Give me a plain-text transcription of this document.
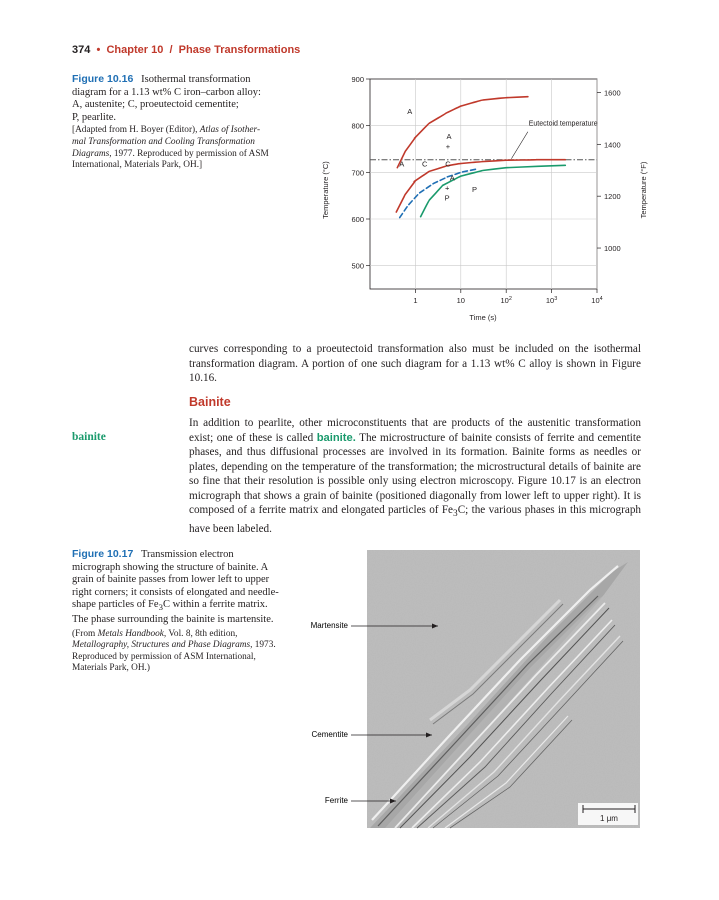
374 • Chapter 10 / Phase Transformations
Figure 10.16 Isothermal transformation
diagram for a 1.13 wt% C iron–carbon alloy:
A, austenite; C, proeutectoid cementite;
P, pearlite.
[Adapted from H. Boyer (Editor), Atlas of Isother-
mal Transformation and Cooling Transformation
Diagrams, 1977. Reproduced by permission of ASM
International, Materials Park, OH.]
1	10	$10^2$	$10^3$	$10^4$
500
600
700
800
900
1000
1200
1400
1600
Eutectoid temperature
A
A
+
C
A C
A
+
P
P
Time (s)
Temperature (°C)	Temperature (°F)

curves corresponding to a proeutectoid transformation also must be included on the isothermal transformation diagram. A portion of one such diagram for a 1.13 wt% C alloy is shown in Figure 10.16.

Bainite
bainite

In addition to pearlite, other microconstituents that are products of the austenitic transformation exist; one of these is called bainite. The microstructure of bainite consists of ferrite and cementite phases, and thus diffusional processes are involved in its formation. Bainite forms as needles or plates, depending on the temperature of the transformation; the microstructural details of bainite are so fine that their resolution is possible only using electron microscopy. Figure 10.17 is an electron micrograph that shows a grain of bainite (positioned diagonally from lower left to upper right). It is composed of a ferrite matrix and elongated particles of $Fe_3C$; the various phases in this micrograph have been labeled.

Figure 10.17 Transmission electron micrograph showing the structure of bainite. A grain of bainite passes from lower left to upper right corners; it consists of elongated and needle-shape particles of $Fe_3C$ within a ferrite matrix. The phase surrounding the bainite is martensite.
(From Metals Handbook, Vol. 8, 8th edition, Metallography, Structures and Phase Diagrams, 1973. Reproduced by permission of ASM International, Materials Park, OH.)
1 μm
Martensite
Cementite
Ferrite
